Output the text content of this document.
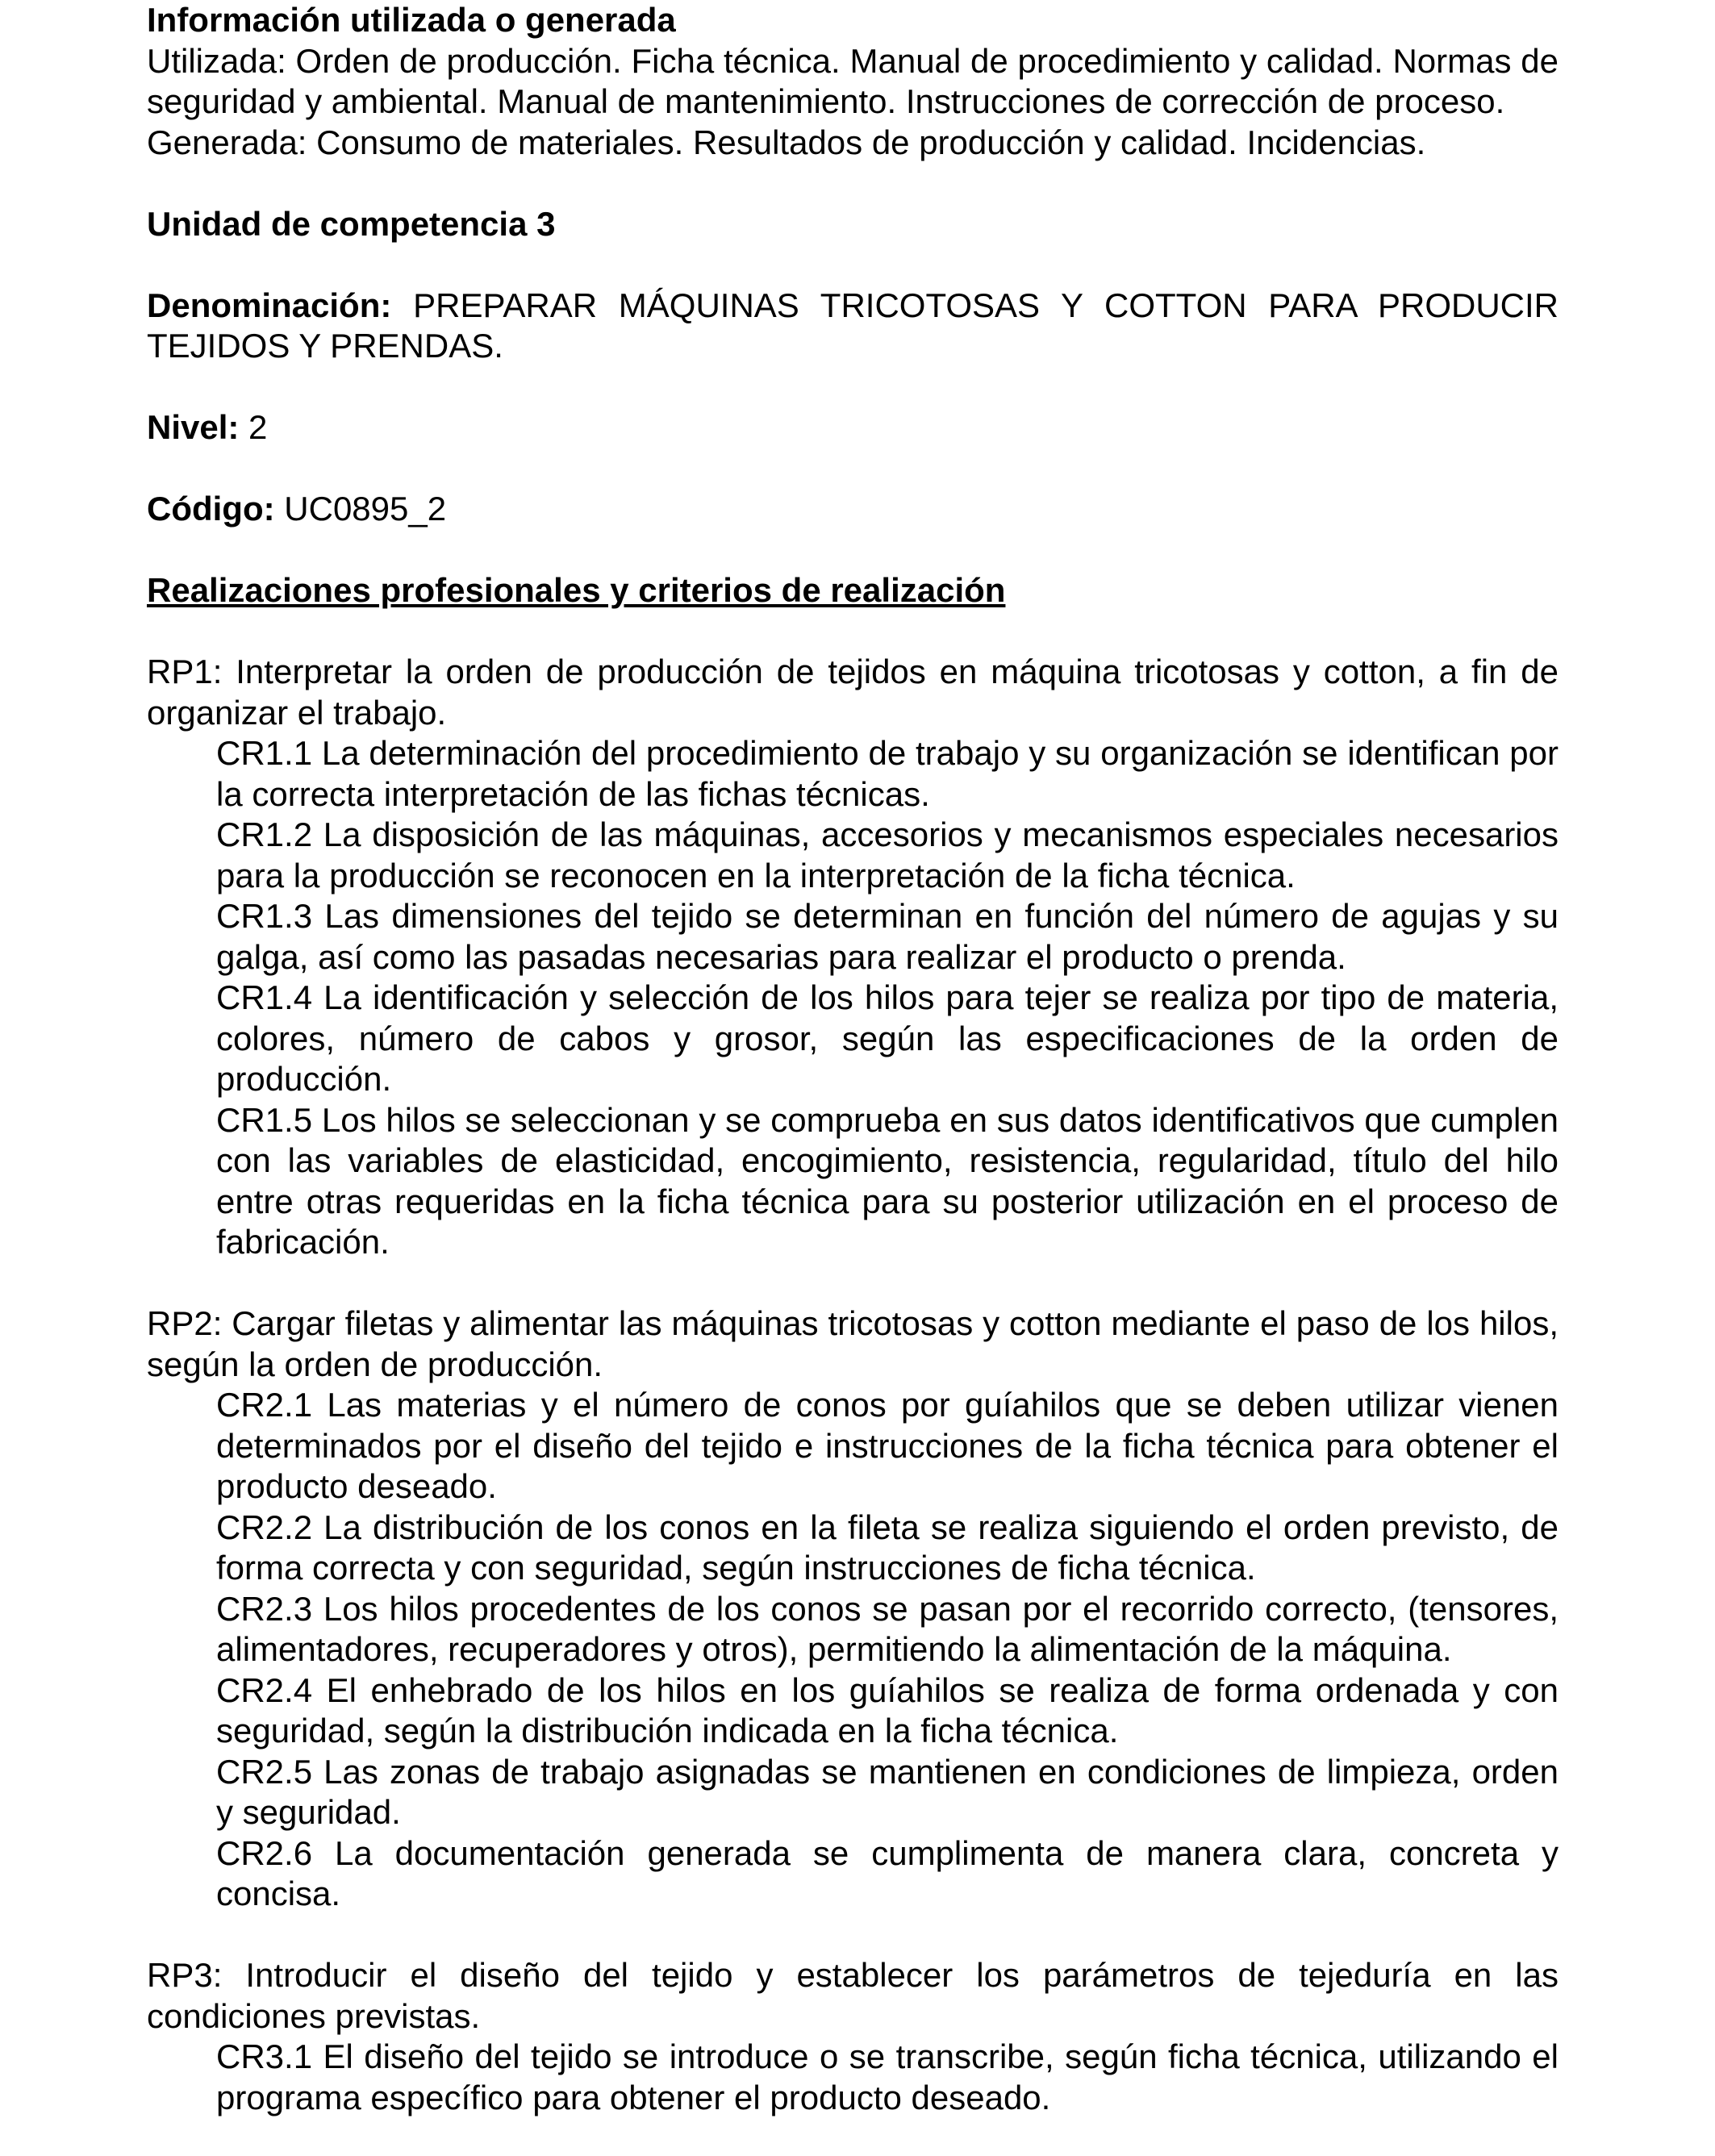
Información utilizada o generada

Utilizada: Orden de producción. Ficha técnica. Manual de procedimiento y calidad. Normas de seguridad y ambiental. Manual de mantenimiento. Instrucciones de corrección de proceso.

Generada: Consumo de materiales. Resultados de producción y calidad. Incidencias.

Unidad de competencia 3

Denominación: PREPARAR MÁQUINAS TRICOTOSAS Y COTTON PARA PRODUCIR TEJIDOS Y PRENDAS.

Nivel: 2

Código: UC0895_2

Realizaciones profesionales y criterios de realización

RP1: Interpretar la orden de producción de tejidos en máquina tricotosas y cotton, a fin de organizar el trabajo.

CR1.1 La determinación del procedimiento de trabajo y su organización se identifican por la correcta interpretación de las fichas técnicas.

CR1.2 La disposición de las máquinas, accesorios y mecanismos especiales necesarios para la producción se reconocen en la interpretación de la ficha técnica.

CR1.3 Las dimensiones del tejido se determinan en función del número de agujas y su galga, así como las pasadas necesarias para realizar el producto o prenda.

CR1.4 La identificación y selección de los hilos para tejer se realiza por tipo de materia, colores, número de cabos y grosor, según las especificaciones de la orden de producción.

CR1.5 Los hilos se seleccionan y se comprueba en sus datos identificativos que cumplen con las variables de elasticidad, encogimiento, resistencia, regularidad, título del hilo entre otras requeridas en la ficha técnica para su posterior utilización en el proceso de fabricación.

RP2: Cargar filetas y alimentar las máquinas tricotosas y cotton mediante el paso de los hilos, según la orden de producción.

CR2.1 Las materias y el número de conos por guíahilos que se deben utilizar vienen determinados por el diseño del tejido e instrucciones de la ficha técnica para obtener el producto deseado.

CR2.2 La distribución de los conos en la fileta se realiza siguiendo el orden previsto, de forma correcta y con seguridad, según instrucciones de ficha técnica.

CR2.3 Los hilos procedentes de los conos se pasan por el recorrido correcto, (tensores, alimentadores, recuperadores y otros), permitiendo la alimentación de la máquina.

CR2.4 El enhebrado de los hilos en los guíahilos se realiza de forma ordenada y con seguridad, según la distribución indicada en la ficha técnica.

CR2.5 Las zonas de trabajo asignadas se mantienen en condiciones de limpieza, orden y seguridad.

CR2.6 La documentación generada se cumplimenta de manera clara, concreta y concisa.

RP3: Introducir el diseño del tejido y establecer los parámetros de tejeduría en las condiciones previstas.

CR3.1 El diseño del tejido se introduce o se transcribe, según ficha técnica, utilizando el programa específico para obtener el producto deseado.
